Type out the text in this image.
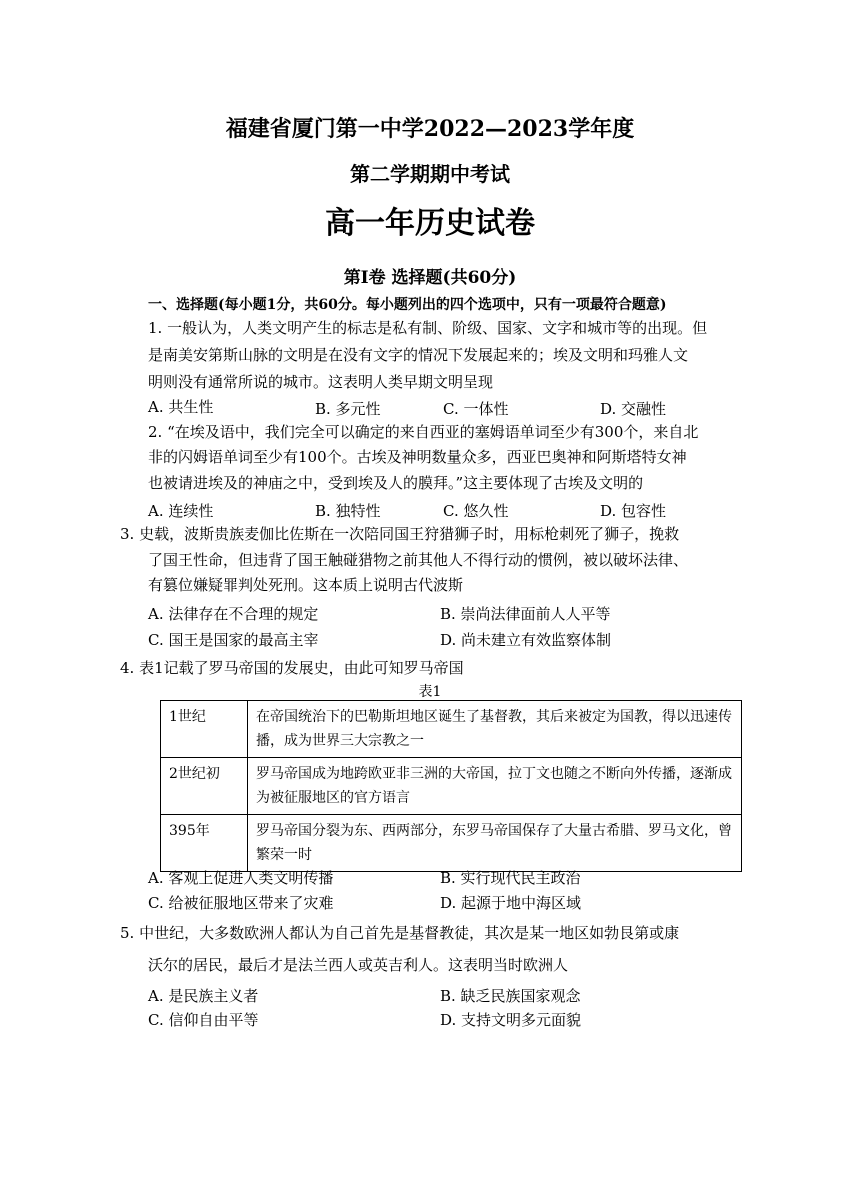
福建省厦门第一中学2022—2023学年度
第二学期期中考试
高一年历史试卷
第Ⅰ卷 选择题(共60分)
一、选择题(每小题1分，共60分。每小题列出的四个选项中，只有一项最符合题意)
1. 一般认为，人类文明产生的标志是私有制、阶级、国家、文字和城市等的出现。但
是南美安第斯山脉的文明是在没有文字的情况下发展起来的；埃及文明和玛雅人文
明则没有通常所说的城市。这表明人类早期文明呈现
A. 共生性	B. 多元性	C. 一体性	D. 交融性
2. “在埃及语中，我们完全可以确定的来自西亚的塞姆语单词至少有300个，来自北
非的闪姆语单词至少有100个。古埃及神明数量众多，西亚巴奥神和阿斯塔特女神
也被请进埃及的神庙之中，受到埃及人的膜拜。”这主要体现了古埃及文明的
A. 连续性	B. 独特性	C. 悠久性	D. 包容性
3. 史载，波斯贵族麦伽比佐斯在一次陪同国王狩猎狮子时，用标枪刺死了狮子，挽救
了国王性命，但违背了国王触碰猎物之前其他人不得行动的惯例，被以破坏法律、
有篡位嫌疑罪判处死刑。这本质上说明古代波斯
A. 法律存在不合理的规定	B. 崇尚法律面前人人平等
C. 国王是国家的最高主宰	D. 尚未建立有效监察体制
4. 表1记载了罗马帝国的发展史，由此可知罗马帝国
表1
1世纪	在帝国统治下的巴勒斯坦地区诞生了基督教，其后来被定为国教，得以迅速传播，成为世界三大宗教之一
2世纪初	罗马帝国成为地跨欧亚非三洲的大帝国，拉丁文也随之不断向外传播，逐渐成为被征服地区的官方语言
395年	罗马帝国分裂为东、西两部分，东罗马帝国保存了大量古希腊、罗马文化，曾繁荣一时
A. 客观上促进人类文明传播	B. 实行现代民主政治
C. 给被征服地区带来了灾难	D. 起源于地中海区域
5. 中世纪，大多数欧洲人都认为自己首先是基督教徒，其次是某一地区如勃艮第或康
沃尔的居民，最后才是法兰西人或英吉利人。这表明当时欧洲人
A. 是民族主义者	B. 缺乏民族国家观念
C. 信仰自由平等	D. 支持文明多元面貌
